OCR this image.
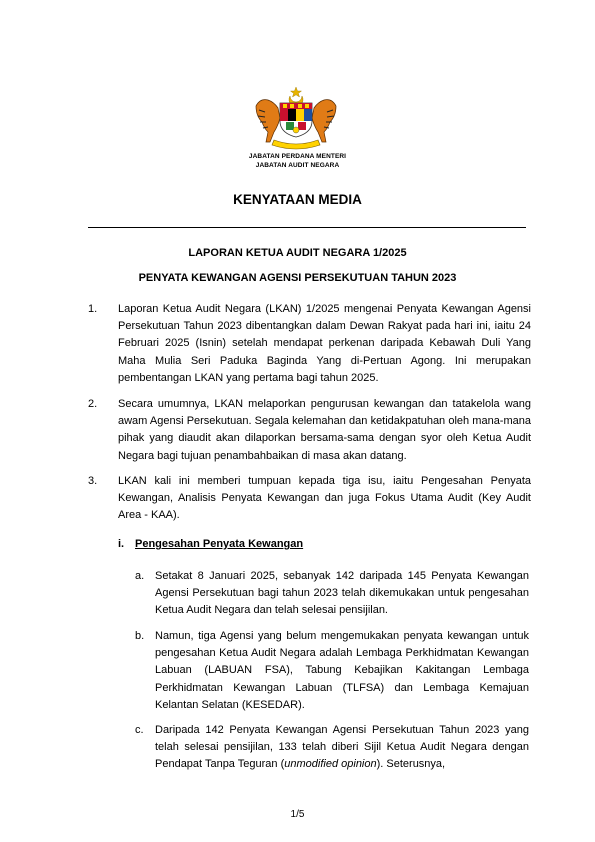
JABATAN PERDANA MENTERI
JABATAN AUDIT NEGARA
KENYATAAN MEDIA
LAPORAN KETUA AUDIT NEGARA 1/2025
PENYATA KEWANGAN AGENSI PERSEKUTUAN TAHUN 2023
1. Laporan Ketua Audit Negara (LKAN) 1/2025 mengenai Penyata Kewangan Agensi Persekutuan Tahun 2023 dibentangkan dalam Dewan Rakyat pada hari ini, iaitu 24 Februari 2025 (Isnin) setelah mendapat perkenan daripada Kebawah Duli Yang Maha Mulia Seri Paduka Baginda Yang di-Pertuan Agong. Ini merupakan pembentangan LKAN yang pertama bagi tahun 2025.
2. Secara umumnya, LKAN melaporkan pengurusan kewangan dan tatakelola wang awam Agensi Persekutuan. Segala kelemahan dan ketidakpatuhan oleh mana-mana pihak yang diaudit akan dilaporkan bersama-sama dengan syor oleh Ketua Audit Negara bagi tujuan penambahbaikan di masa akan datang.
3. LKAN kali ini memberi tumpuan kepada tiga isu, iaitu Pengesahan Penyata Kewangan, Analisis Penyata Kewangan dan juga Fokus Utama Audit (Key Audit Area - KAA).
i. Pengesahan Penyata Kewangan
a. Setakat 8 Januari 2025, sebanyak 142 daripada 145 Penyata Kewangan Agensi Persekutuan bagi tahun 2023 telah dikemukakan untuk pengesahan Ketua Audit Negara dan telah selesai pensijilan.
b. Namun, tiga Agensi yang belum mengemukakan penyata kewangan untuk pengesahan Ketua Audit Negara adalah Lembaga Perkhidmatan Kewangan Labuan (LABUAN FSA), Tabung Kebajikan Kakitangan Lembaga Perkhidmatan Kewangan Labuan (TLFSA) dan Lembaga Kemajuan Kelantan Selatan (KESEDAR).
c. Daripada 142 Penyata Kewangan Agensi Persekutuan Tahun 2023 yang telah selesai pensijilan, 133 telah diberi Sijil Ketua Audit Negara dengan Pendapat Tanpa Teguran (unmodified opinion). Seterusnya,
1/5
